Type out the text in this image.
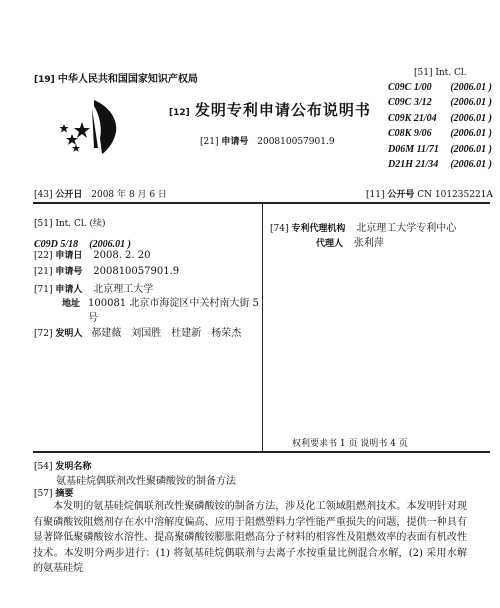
[19] 中华人民共和国国家知识产权局
[12] 发明专利申请公布说明书
[21] 申请号 200810057901.9
[51] Int. Cl.
C09C 1/00 (2006.01 )
C09C 3/12 (2006.01 )
C09K 21/04 (2006.01 )
C08K 9/06 (2006.01 )
D06M 11/71 (2006.01 )
D21H 21/34 (2006.01 )
[43] 公开日 2008 年 8 月 6 日	[11] 公开号 CN 101235221A
[51] Int. Cl. (续)
C09D 5/18 (2006.01 )
[22] 申请日 2008. 2. 20
[21] 申请号 200810057901.9
[71] 申请人 北京理工大学
地址 100081 北京市海淀区中关村南大街 5
号
[72] 发明人 郝建薇　刘国胜　杜建新　杨荣杰
[74] 专利代理机构 北京理工大学专利中心
代理人 张利萍
权利要求书 1 页 说明书 4 页
[54] 发明名称
氨基硅烷偶联剂改性聚磷酸铵的制备方法
[57] 摘要

本发明的氨基硅烷偶联剂改性聚磷酸铵的制备方法，涉及化工领域阻燃剂技术。本发明针对现有聚磷酸铵阻燃剂存在水中溶解度偏高、应用于阻燃塑料力学性能严重损失的问题，提供一种具有显著降低聚磷酸铵水溶性、提高聚磷酸铵膨胀阻燃高分子材料的相容性及阻燃效率的表面有机改性技术。本发明分两步进行：(1) 将氨基硅烷偶联剂与去离子水按重量比例混合水解，(2) 采用水解的氨基硅烷
